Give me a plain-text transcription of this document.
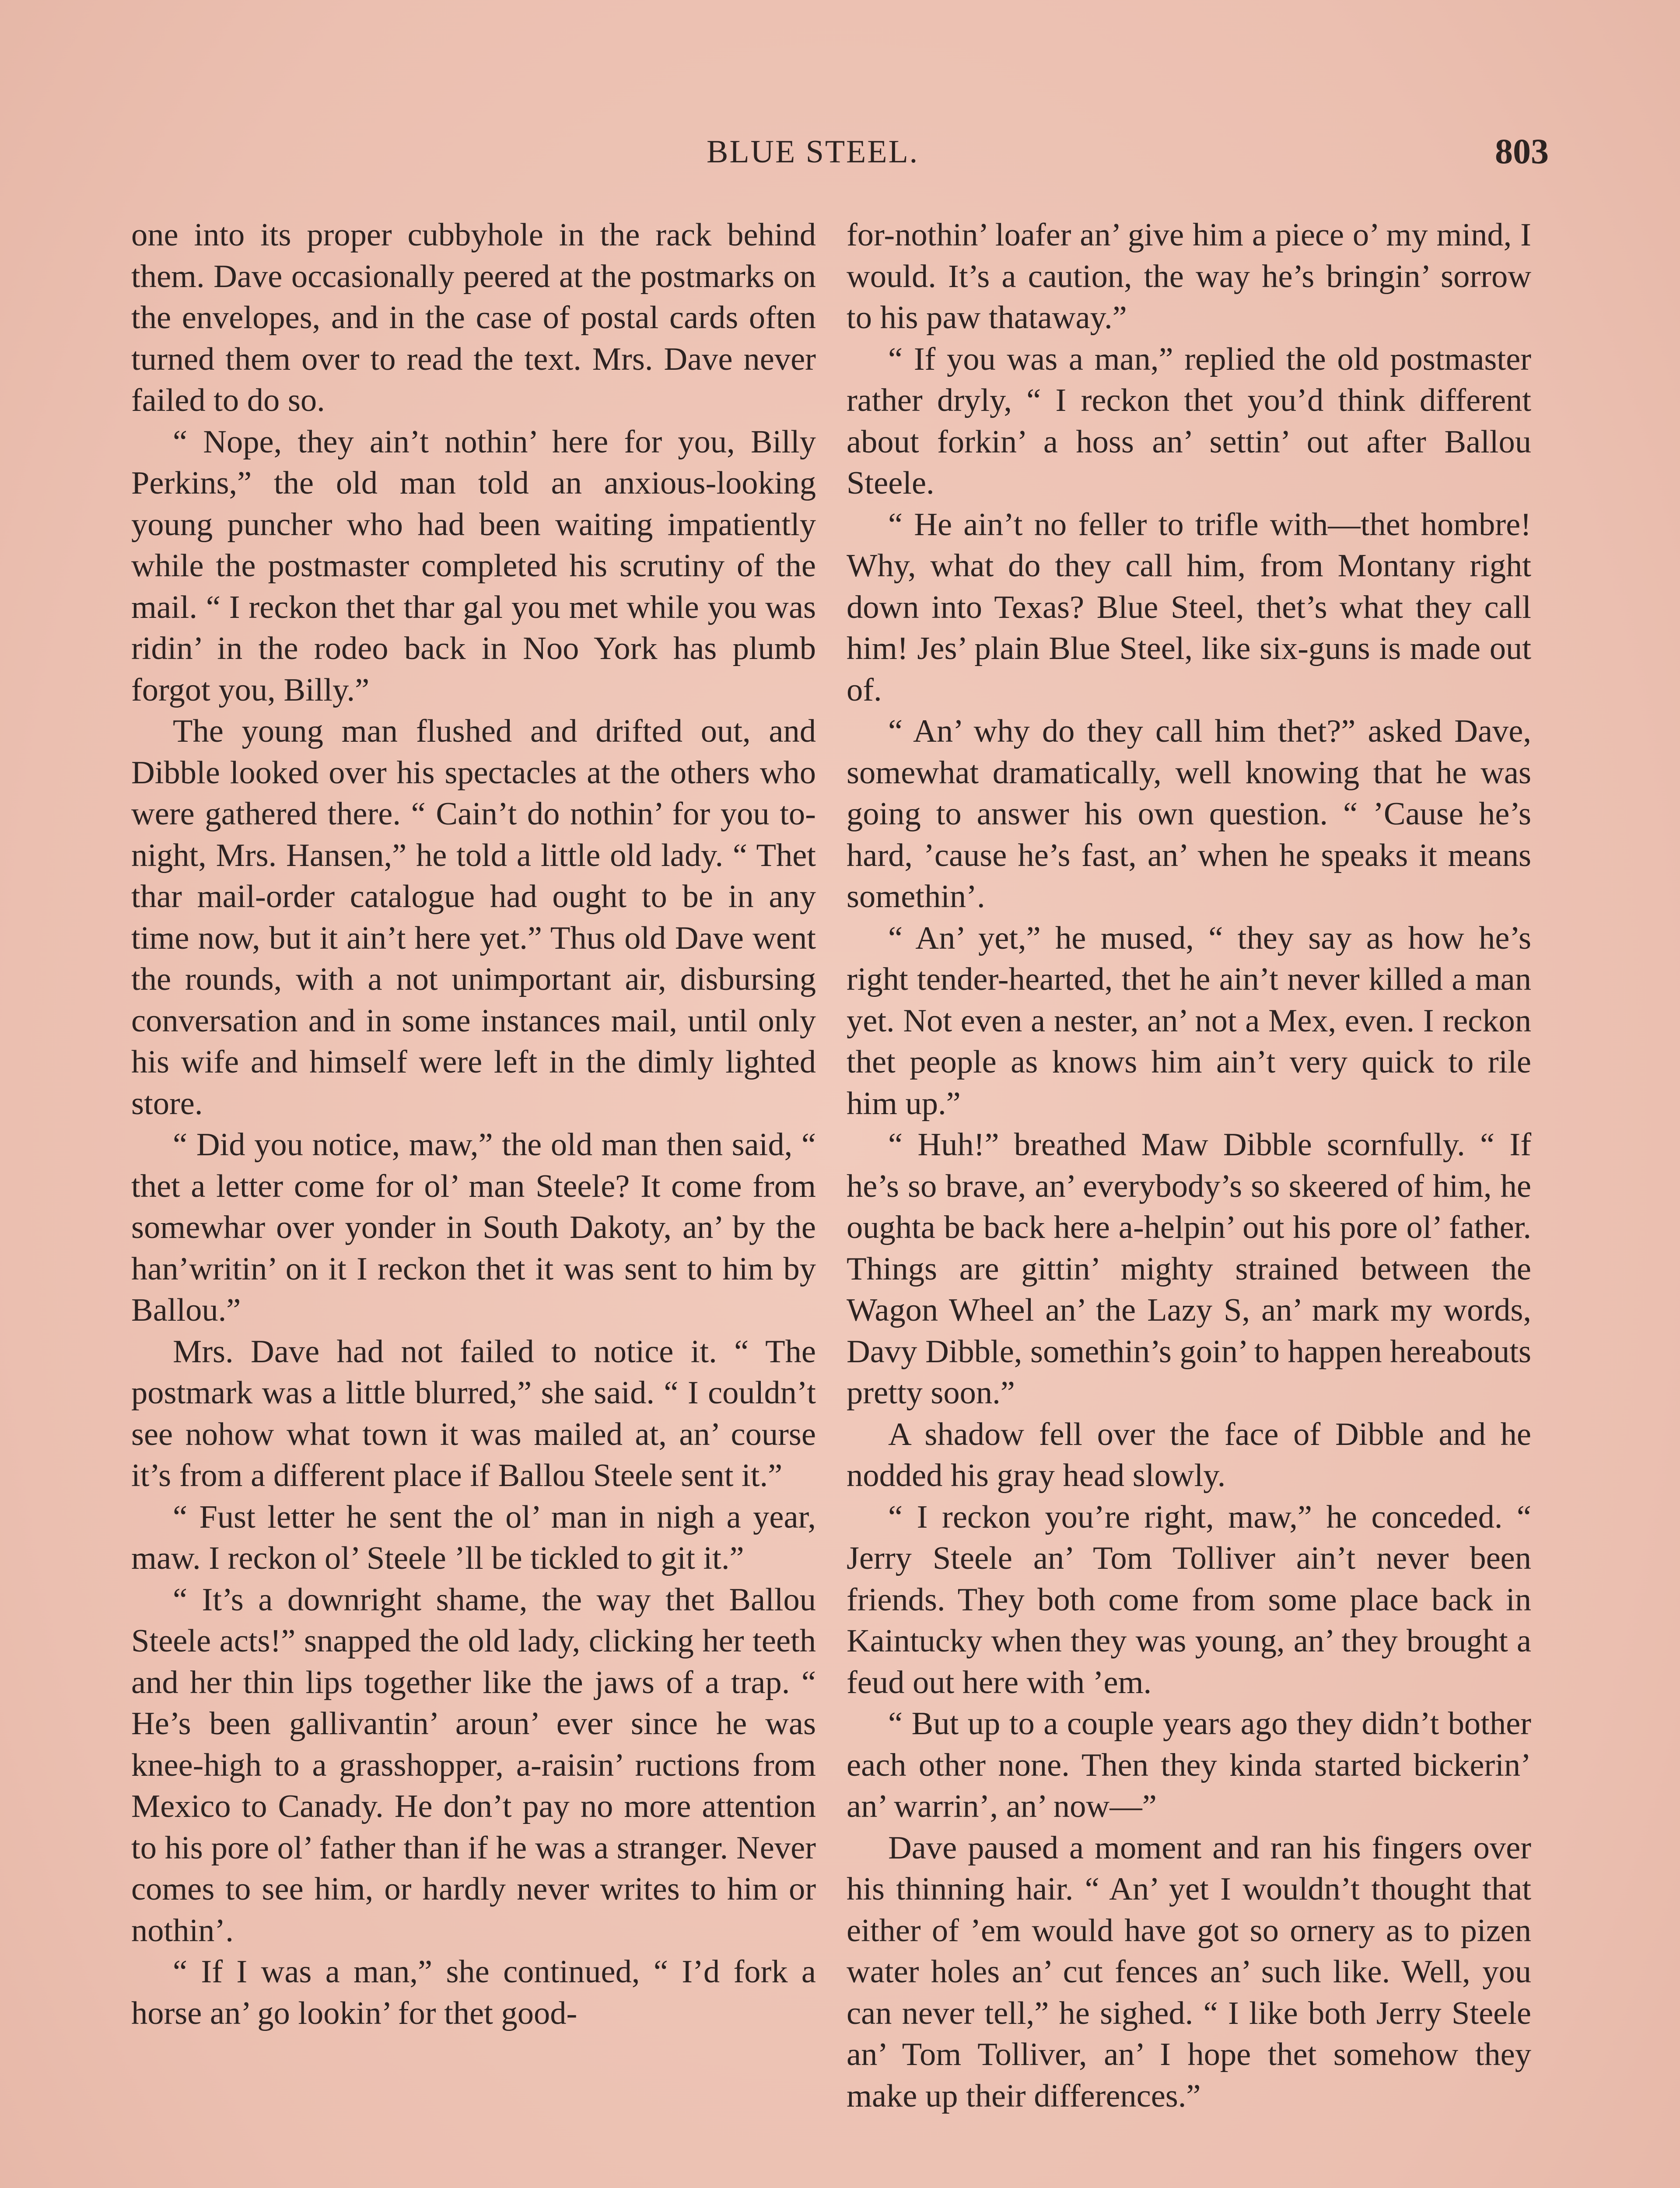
BLUE STEEL.	803

one into its proper cubbyhole in the rack behind them. Dave occasionally peered at the postmarks on the envelopes, and in the case of postal cards often turned them over to read the text. Mrs. Dave never failed to do so.

“ Nope, they ain’t nothin’ here for you, Billy Perkins,” the old man told an anxious-looking young puncher who had been waiting impatiently while the postmaster completed his scrutiny of the mail. “ I reckon thet thar gal you met while you was ridin’ in the rodeo back in Noo York has plumb forgot you, Billy.”

The young man flushed and drifted out, and Dibble looked over his spectacles at the others who were gathered there. “ Cain’t do nothin’ for you to-night, Mrs. Hansen,” he told a little old lady. “ Thet thar mail-order catalogue had ought to be in any time now, but it ain’t here yet.” Thus old Dave went the rounds, with a not unimportant air, disbursing conversation and in some instances mail, until only his wife and himself were left in the dimly lighted store.

“ Did you notice, maw,” the old man then said, “ thet a letter come for ol’ man Steele? It come from somewhar over yonder in South Dakoty, an’ by the han’writin’ on it I reckon thet it was sent to him by Ballou.”

Mrs. Dave had not failed to notice it. “ The postmark was a little blurred,” she said. “ I couldn’t see nohow what town it was mailed at, an’ course it’s from a different place if Ballou Steele sent it.”

“ Fust letter he sent the ol’ man in nigh a year, maw. I reckon ol’ Steele ’ll be tickled to git it.”

“ It’s a downright shame, the way thet Ballou Steele acts!” snapped the old lady, clicking her teeth and her thin lips together like the jaws of a trap. “ He’s been gallivantin’ aroun’ ever since he was knee-high to a grasshopper, a-raisin’ ructions from Mexico to Canady. He don’t pay no more attention to his pore ol’ father than if he was a stranger. Never comes to see him, or hardly never writes to him or nothin’.

“ If I was a man,” she continued, “ I’d fork a horse an’ go lookin’ for thet good-

for-nothin’ loafer an’ give him a piece o’ my mind, I would. It’s a caution, the way he’s bringin’ sorrow to his paw thataway.”

“ If you was a man,” replied the old postmaster rather dryly, “ I reckon thet you’d think different about forkin’ a hoss an’ settin’ out after Ballou Steele.

“ He ain’t no feller to trifle with—thet hombre! Why, what do they call him, from Montany right down into Texas? Blue Steel, thet’s what they call him! Jes’ plain Blue Steel, like six-guns is made out of.

“ An’ why do they call him thet?” asked Dave, somewhat dramatically, well knowing that he was going to answer his own question. “ ’Cause he’s hard, ’cause he’s fast, an’ when he speaks it means somethin’.

“ An’ yet,” he mused, “ they say as how he’s right tender-hearted, thet he ain’t never killed a man yet. Not even a nester, an’ not a Mex, even. I reckon thet people as knows him ain’t very quick to rile him up.”

“ Huh!” breathed Maw Dibble scornfully. “ If he’s so brave, an’ everybody’s so skeered of him, he oughta be back here a-helpin’ out his pore ol’ father. Things are gittin’ mighty strained between the Wagon Wheel an’ the Lazy S, an’ mark my words, Davy Dibble, somethin’s goin’ to happen hereabouts pretty soon.”

A shadow fell over the face of Dibble and he nodded his gray head slowly.

“ I reckon you’re right, maw,” he conceded. “ Jerry Steele an’ Tom Tolliver ain’t never been friends. They both come from some place back in Kaintucky when they was young, an’ they brought a feud out here with ’em.

“ But up to a couple years ago they didn’t bother each other none. Then they kinda started bickerin’ an’ warrin’, an’ now—”

Dave paused a moment and ran his fingers over his thinning hair. “ An’ yet I wouldn’t thought that either of ’em would have got so ornery as to pizen water holes an’ cut fences an’ such like. Well, you can never tell,” he sighed. “ I like both Jerry Steele an’ Tom Tolliver, an’ I hope thet somehow they make up their differences.”
